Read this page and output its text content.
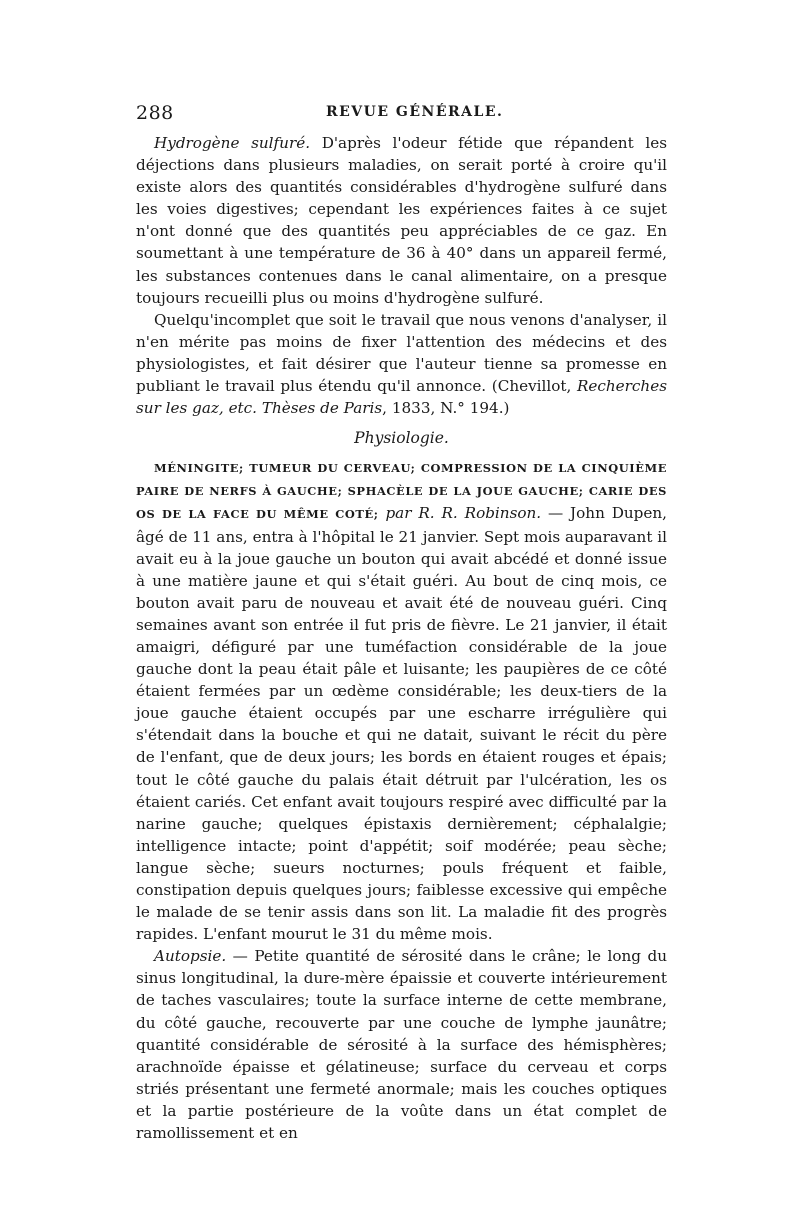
288	REVUE GÉNÉRALE.

Hydrogène sulfuré. D'après l'odeur fétide que répandent les déjections dans plusieurs maladies, on serait porté à croire qu'il existe alors des quantités considérables d'hydrogène sulfuré dans les voies digestives; cependant les expériences faites à ce sujet n'ont donné que des quantités peu appréciables de ce gaz. En soumettant à une température de 36 à 40° dans un appareil fermé, les substances contenues dans le canal alimentaire, on a presque toujours recueilli plus ou moins d'hydrogène sulfuré.

Quelqu'incomplet que soit le travail que nous venons d'analyser, il n'en mérite pas moins de fixer l'attention des médecins et des physiologistes, et fait désirer que l'auteur tienne sa promesse en publiant le travail plus étendu qu'il annonce. (Chevillot, Recherches sur les gaz, etc. Thèses de Paris, 1833, N.° 194.)

Physiologie.

MÉNINGITE; TUMEUR DU CERVEAU; COMPRESSION DE LA CINQUIÈME PAIRE DE NERFS À GAUCHE; SPHACÈLE DE LA JOUE GAUCHE; CARIE DES OS DE LA FACE DU MÊME COTÉ; par R. R. Robinson. — John Dupen, âgé de 11 ans, entra à l'hôpital le 21 janvier. Sept mois auparavant il avait eu à la joue gauche un bouton qui avait abcédé et donné issue à une matière jaune et qui s'était guéri. Au bout de cinq mois, ce bouton avait paru de nouveau et avait été de nouveau guéri. Cinq semaines avant son entrée il fut pris de fièvre. Le 21 janvier, il était amaigri, défiguré par une tuméfaction considérable de la joue gauche dont la peau était pâle et luisante; les paupières de ce côté étaient fermées par un œdème considérable; les deux-tiers de la joue gauche étaient occupés par une escharre irrégulière qui s'étendait dans la bouche et qui ne datait, suivant le récit du père de l'enfant, que de deux jours; les bords en étaient rouges et épais; tout le côté gauche du palais était détruit par l'ulcération, les os étaient cariés. Cet enfant avait toujours respiré avec difficulté par la narine gauche; quelques épistaxis dernièrement; céphalalgie; intelligence intacte; point d'appétit; soif modérée; peau sèche; langue sèche; sueurs nocturnes; pouls fréquent et faible, constipation depuis quelques jours; faiblesse excessive qui empêche le malade de se tenir assis dans son lit. La maladie fit des progrès rapides. L'enfant mourut le 31 du même mois.

Autopsie. — Petite quantité de sérosité dans le crâne; le long du sinus longitudinal, la dure-mère épaissie et couverte intérieurement de taches vasculaires; toute la surface interne de cette membrane, du côté gauche, recouverte par une couche de lymphe jaunâtre; quantité considérable de sérosité à la surface des hémisphères; arachnoïde épaisse et gélatineuse; surface du cerveau et corps striés présentant une fermeté anormale; mais les couches optiques et la partie postérieure de la voûte dans un état complet de ramollissement et en
